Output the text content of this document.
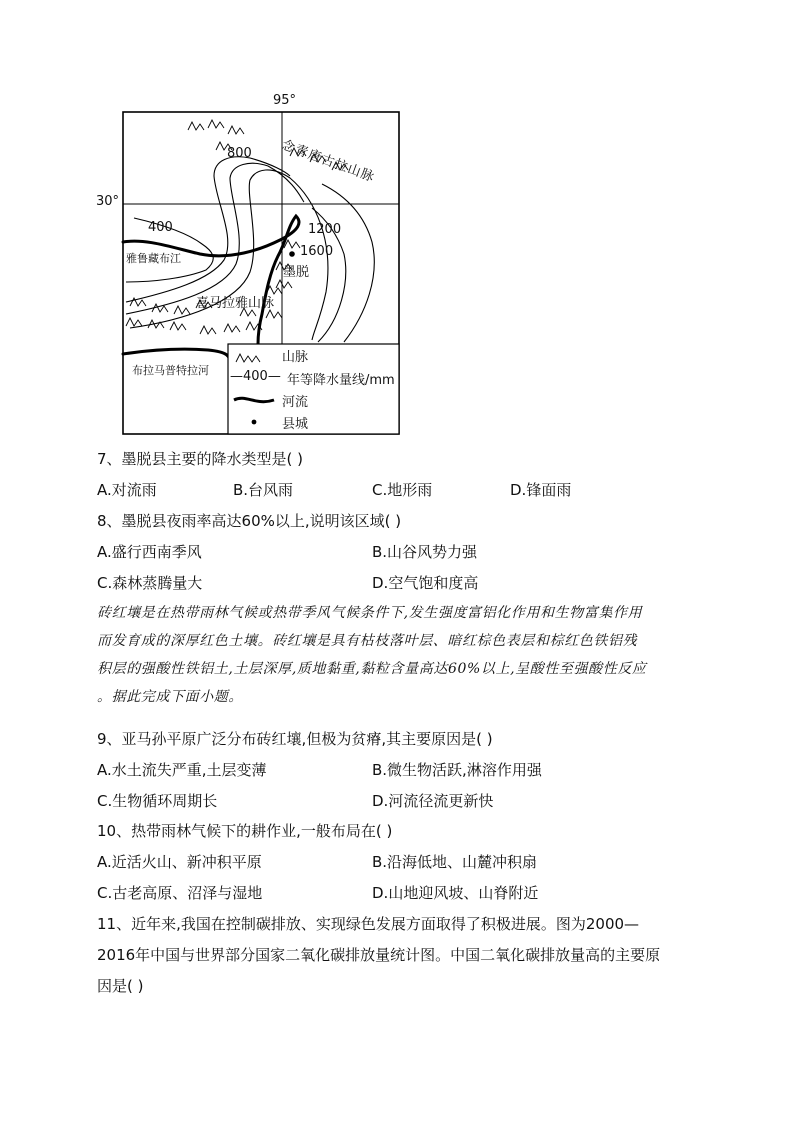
95°
30°
念青唐古拉山脉
800
400	1200
1600
墨脱
雅鲁藏布江
喜马拉雅山脉
布拉马普特拉河
山脉
—400— 年等降水量线/mm
河流
县城
7、墨脱县主要的降水类型是( )
A.对流雨	B.台风雨	C.地形雨	D.锋面雨
8、墨脱县夜雨率高达60%以上,说明该区域( )
A.盛行西南季风	B.山谷风势力强
C.森林蒸腾量大	D.空气饱和度高
砖红壤是在热带雨林气候或热带季风气候条件下,发生强度富铝化作用和生物富集作用
而发育成的深厚红色土壤。砖红壤是具有枯枝落叶层、暗红棕色表层和棕红色铁铝残
积层的强酸性铁铝土,土层深厚,质地黏重,黏粒含量高达60%以上,呈酸性至强酸性反应
。据此完成下面小题。
9、亚马孙平原广泛分布砖红壤,但极为贫瘠,其主要原因是( )
A.水土流失严重,土层变薄	B.微生物活跃,淋溶作用强
C.生物循环周期长	D.河流径流更新快
10、热带雨林气候下的耕作业,一般布局在( )
A.近活火山、新冲积平原	B.沿海低地、山麓冲积扇
C.古老高原、沼泽与湿地	D.山地迎风坡、山脊附近
11、近年来,我国在控制碳排放、实现绿色发展方面取得了积极进展。图为2000—
2016年中国与世界部分国家二氧化碳排放量统计图。中国二氧化碳排放量高的主要原
因是( )
